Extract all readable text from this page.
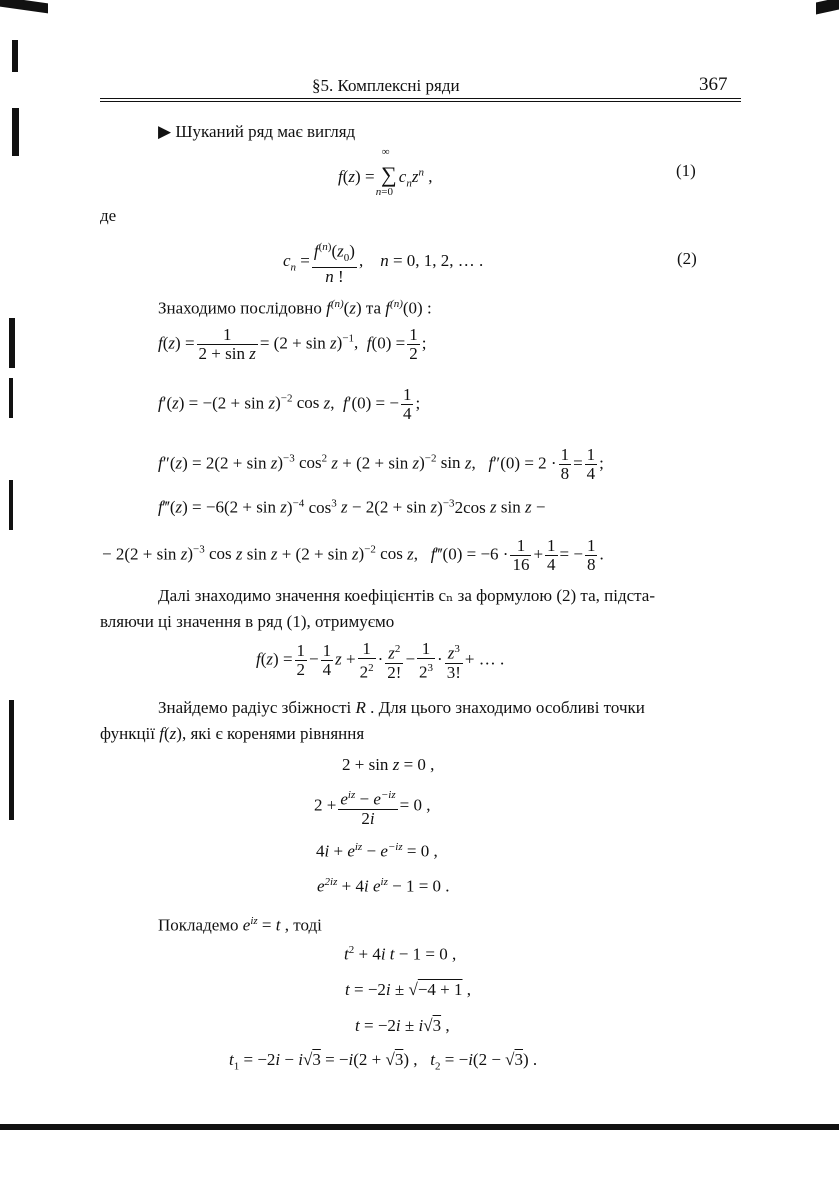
§5. Комплексні ряди	367
▶ Шуканий ряд має вигляд
f(z) =
∞
∑
n=0
$c_nz^n$ ,	(1)
де
$c_n = \frac{f^{(n)}(z_0)}{n !}$ ,    n = 0, 1, 2, … .	(2)
Знаходимо послідовно $f^{(n)}(z)$ та $f^{(n)}(0)$ :
$f(z) = \frac{1}{\text{2 + sin z}} = (2 + \sin z)^{-1}$,  $f(0) = \frac{1}{2}$ ;
$f'(z) = -(2 + \sin z)^{-2}$ cos z,  f′(0) = − $\frac{1}{4}$ ;
$f''(z) = 2(2 + \sin z)^{-3}$ $\cos^2 z + (2 + \sin z)^{-2}$ sin z,   $f''(0) = 2 \cdot \frac{1}{8} = \frac{1}{4}$ ;
f‴(z) = $-6(2 + \sin z)^{-4}$ $\cos^3 z - 2(2 + \sin z)^{-3}2\cos$ z sin z −
− $2(2 + \sin z)^{-3}$ cos z $\sin z + (2 + \sin z)^{-2}$ cos z,   f‴(0) = $-6 \cdot \frac{1}{16} + \frac{1}{4}$ = − $\frac{1}{8}$ .
Далі знаходимо значення коефіцієнтів cₙ за формулою (2) та, підста-
вляючи ці значення в ряд (1), отримуємо
$f(z) = \frac{1}{2} - \frac{1}{4}$ $z + \frac{1}{2^2} \cdot \frac{z^2}{2!} - \frac{1}{2^3} \cdot \frac{z^3}{3!}$ + … .
Знайдемо радіус збіжності R . Для цього знаходимо особливі точки
функції f(z), які є коренями рівняння
2 + sin z = 0 ,
$2 + \frac{e^{iz} - e^{-iz}}{2i} = 0$ ,
$4i + e^{iz} - e^{-iz} = 0$ ,
$e^{2iz} + 4i$ $e^{iz} - 1 = 0$ .
Покладемо $e^{iz} = t$ , тоді
$t^2 + 4i$ t − 1 = 0 ,
t = −2i ± √−4 + 1 ,
t = −2i ± i√3 ,
$t_1 = -2i - i√3 = -i(2 + √3)$ ,   $t_2 = -i(2 - √3)$ .
